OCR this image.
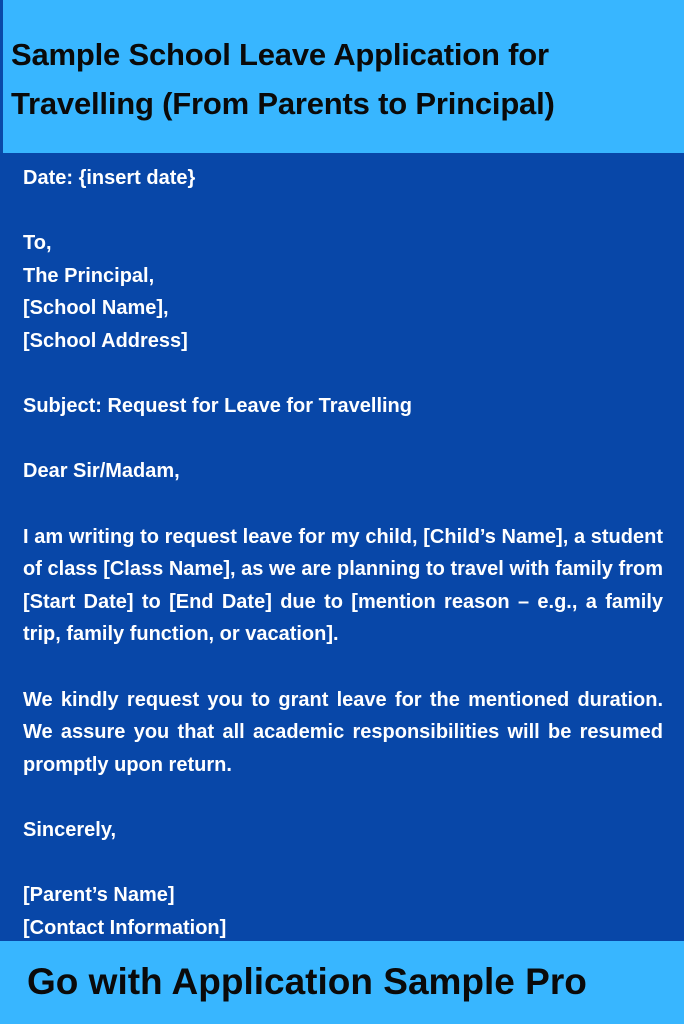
Sample School Leave Application for Travelling (From Parents to Principal)
Date: {insert date}
To,
The Principal,
[School Name],
[School Address]
Subject: Request for Leave for Travelling
Dear Sir/Madam,
I am writing to request leave for my child, [Child’s Name], a student of class [Class Name], as we are planning to travel with family from [Start Date] to [End Date] due to [mention reason – e.g., a family trip, family function, or vacation].
We kindly request you to grant leave for the mentioned duration. We assure you that all academic responsibilities will be resumed promptly upon return.
Sincerely,
[Parent’s Name]
[Contact Information]

Go with Application Sample Pro
